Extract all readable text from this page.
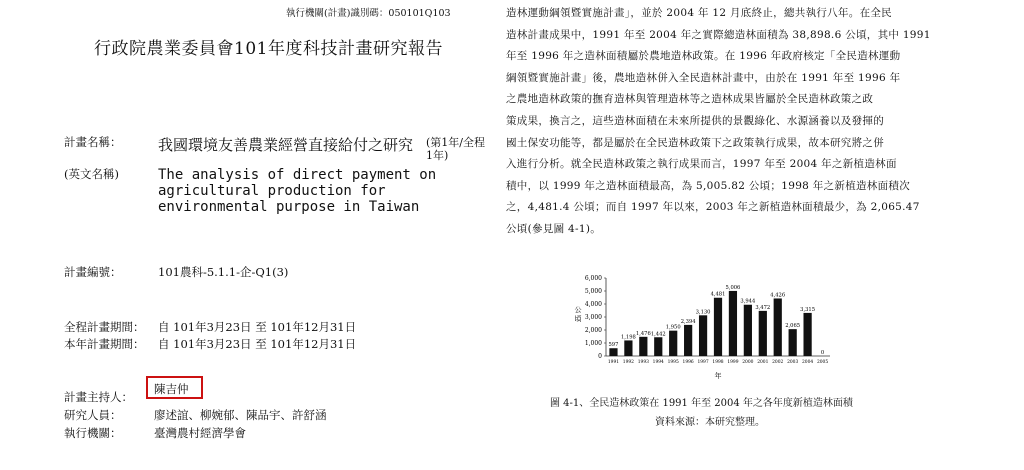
執行機關(計畫)識別碼：050101Q103
行政院農業委員會101年度科技計畫研究報告
計畫名稱： 我國環境友善農業經營直接給付之研究 (第1年/全程1年)
(英文名稱)	The analysis of direct payment on agricultural production for environmental purpose in Taiwan
計畫編號：	101農科-5.1.1-企-Q1(3)
全程計畫期間： 自 101年3月23日 至 101年12月31日
本年計畫期間： 自 101年3月23日 至 101年12月31日
計畫主持人：
陳吉仲
研究人員：	廖述誼、柳婉郁、陳品宇、許舒涵
執行機關：	臺灣農村經濟學會
造林運動綱領暨實施計畫」，並於 2004 年 12 月底終止，總共執行八年。在全民
造林計畫成果中，1991 年至 2004 年之實際總造林面積為 38,898.6 公頃，其中 1991
年至 1996 年之造林面積屬於農地造林政策。在 1996 年政府核定「全民造林運動
綱領暨實施計畫」後，農地造林併入全民造林計畫中，由於在 1991 年至 1996 年
之農地造林政策的撫育造林與管理造林等之造林成果皆屬於全民造林政策之政
策成果，換言之，這些造林面積在未來所提供的景觀綠化、水源涵養以及發揮的
國土保安功能等，都是屬於在全民造林政策下之政策執行成果，故本研究將之併
入進行分析。就全民造林政策之執行成果而言，1997 年至 2004 年之新植造林面
積中，以 1999 年之造林面積最高，為 5,005.82 公頃；1998 年之新植造林面積次
之，4,481.4 公頃；而自 1997 年以來，2003 年之新植造林面積最少，為 2,065.47
公頃(參見圖 4-1)。
0
1,000
2,000
3,000
4,000
5,000
6,000
公
頃
597
1991
1,198
1992
1,476
1993
1,442
1994
1,950
1995
2,394
1996
3,130
1997
4,481
1998
5,006
1999
3,944
2000
3,472
2001
4,426
2002
2,065
2003
3,315
2004
0
2005
年
圖 4-1、全民造林政策在 1991 年至 2004 年之各年度新植造林面積
資料來源：本研究整理。
